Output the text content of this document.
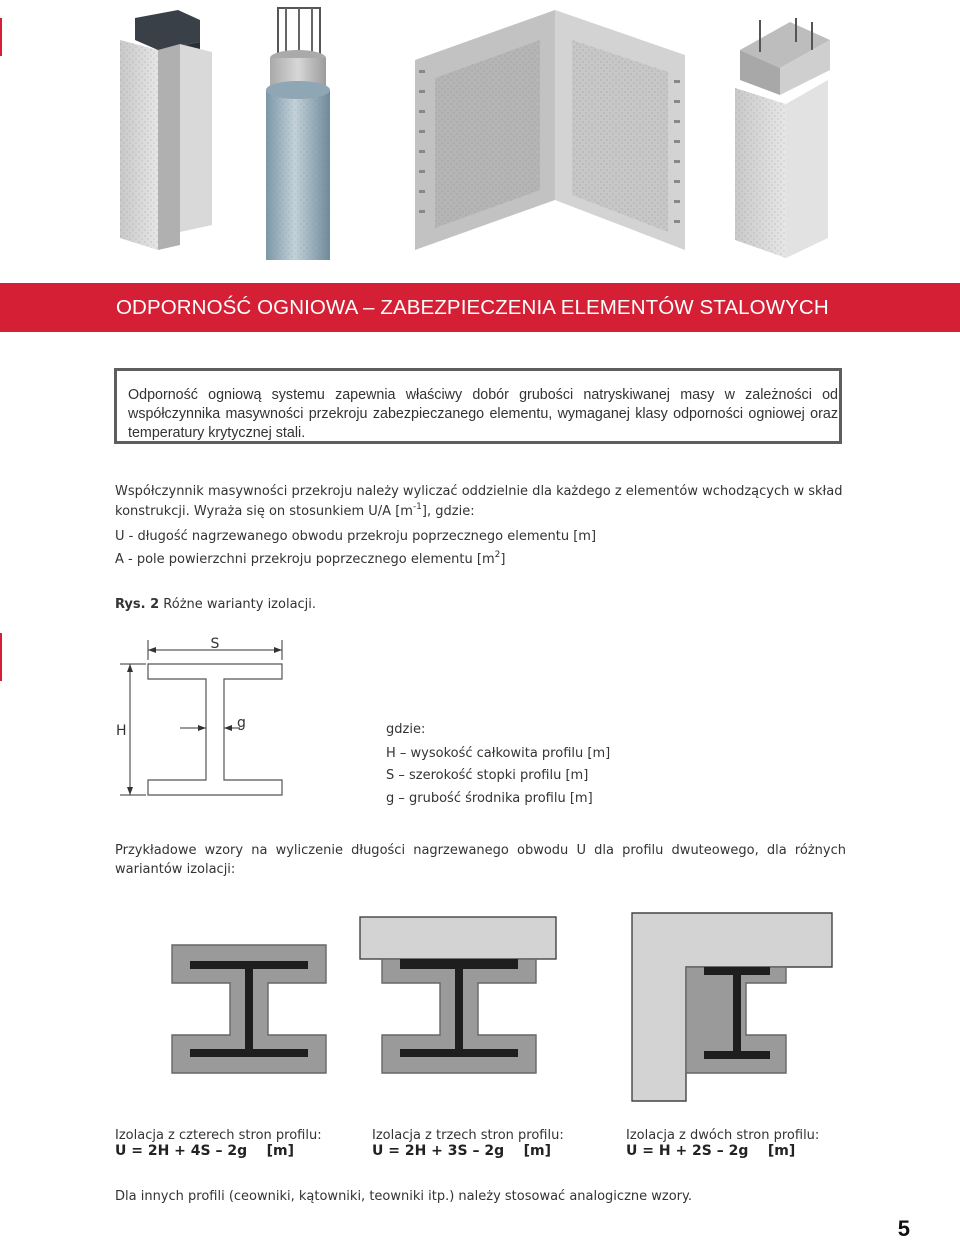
ODPORNOŚĆ OGNIOWA – ZABEZPIECZENIA ELEMENTÓW STALOWYCH
Odporność ogniową systemu zapewnia właściwy dobór grubości natryskiwanej masy w zależności od współczynnika masywności przekroju zabezpieczanego elementu, wymaganej klasy odporności ogniowej oraz temperatury krytycznej stali.
Współczynnik masywności przekroju należy wyliczać oddzielnie dla każdego z elementów wchodzących w skład
konstrukcji. Wyraża się on stosunkiem U/A $[m^{-1}]$, gdzie:
U - długość nagrzewanego obwodu przekroju poprzecznego elementu [m]
A - pole powierzchni przekroju poprzecznego elementu $[m^2]$
Rys. 2 Różne warianty izolacji.
S
H	g	gdzie:
H – wysokość całkowita profilu [m]
S – szerokość stopki profilu [m]
g – grubość środnika profilu [m]
Przykładowe wzory na wyliczenie długości nagrzewanego obwodu U dla profilu dwuteowego, dla różnych wariantów izolacji:
Izolacja z czterech stron profilu:
U = 2H + 4S – 2g    [m]
Izolacja z trzech stron profilu:
U = 2H + 3S – 2g    [m]
Izolacja z dwóch stron profilu:
U = H + 2S – 2g    [m]
Dla innych profili (ceowniki, kątowniki, teowniki itp.) należy stosować analogiczne wzory.
5
